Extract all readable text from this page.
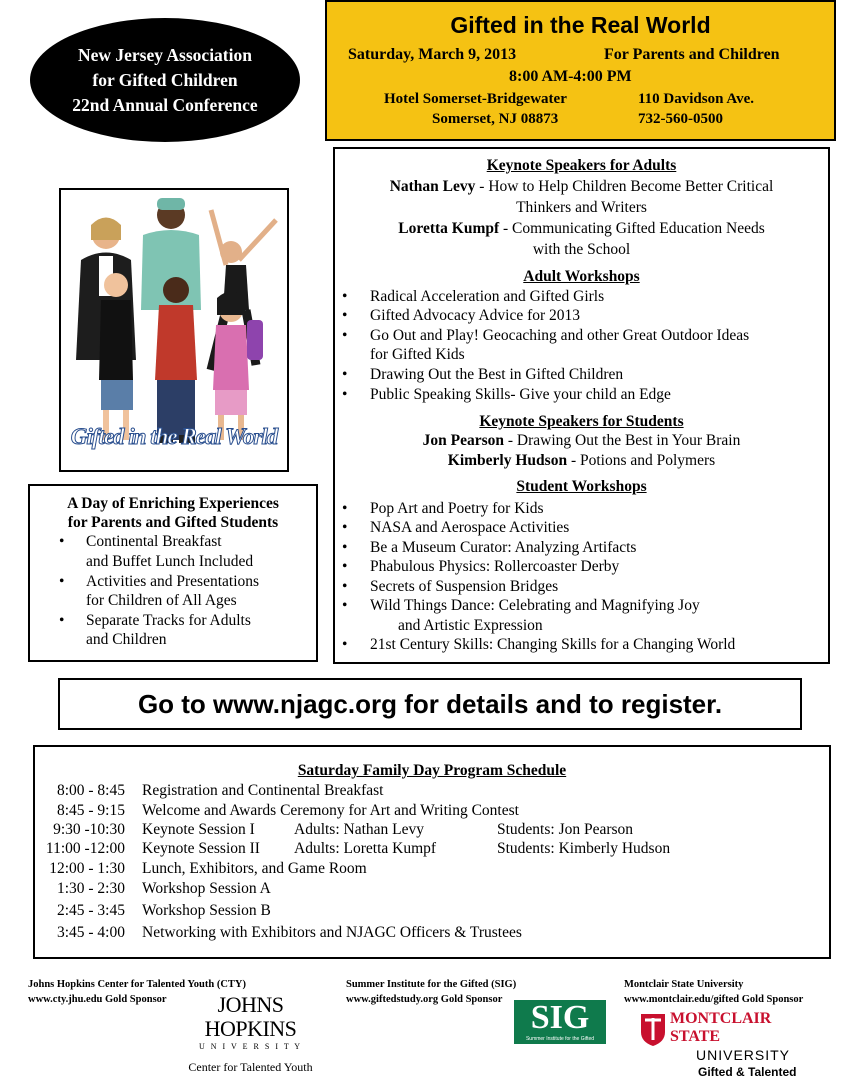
New Jersey Association
for Gifted Children
22nd Annual Conference
Gifted in the Real World
Saturday, March 9, 2013	For Parents and Children
8:00 AM-4:00 PM
Hotel Somerset-Bridgewater	110 Davidson Ave.
Somerset, NJ 08873	732-560-0500
Gifted in the Real World
Keynote Speakers for Adults
Nathan Levy - How to Help Children Become Better Critical
Thinkers and Writers
Loretta Kumpf - Communicating Gifted Education Needs
with the School
Adult Workshops
• Radical Acceleration and Gifted Girls
• Gifted Advocacy Advice for 2013
• Go Out and Play! Geocaching and other Great Outdoor Ideas
for Gifted Kids
• Drawing Out the Best in Gifted Children
• Public Speaking Skills- Give your child an Edge
Keynote Speakers for Students
Jon Pearson - Drawing Out the Best in Your Brain
Kimberly Hudson - Potions and Polymers
Student Workshops
• Pop Art and Poetry for Kids
• NASA and Aerospace Activities
• Be a Museum Curator: Analyzing Artifacts
• Phabulous Physics: Rollercoaster Derby
• Secrets of Suspension Bridges
• Wild Things Dance: Celebrating and Magnifying Joy
and Artistic Expression
• 21st Century Skills: Changing Skills for a Changing World
A Day of Enriching Experiences
for Parents and Gifted Students
• Continental Breakfast
and Buffet Lunch Included
• Activities and Presentations
for Children of All Ages
• Separate Tracks for Adults
and Children
Go to www.njagc.org for details and to register.
Saturday Family Day Program Schedule
8:00 - 8:45 Registration and Continental Breakfast
8:45 - 9:15 Welcome and Awards Ceremony for Art and Writing Contest
9:30 -10:30 Keynote Session I	Adults: Nathan Levy	Students: Jon Pearson
11:00 -12:00 Keynote Session II Adults: Loretta Kumpf	Students: Kimberly Hudson
12:00 - 1:30 Lunch, Exhibitors, and Game Room
1:30 - 2:30 Workshop Session A
2:45 - 3:45 Workshop Session B
3:45 - 4:00 Networking with Exhibitors and NJAGC Officers & Trustees
Johns Hopkins Center for Talented Youth (CTY)
www.cty.jhu.edu Gold Sponsor	JOHNS HOPKINS
U N I V E R S I T Y
Center for Talented Youth
Summer Institute for the Gifted (SIG)
www.giftedstudy.org Gold Sponsor SIG
Summer Institute for the Gifted
Montclair State University
www.montclair.edu/gifted Gold Sponsor
MONTCLAIR STATE
UNIVERSITY
Gifted & Talented
